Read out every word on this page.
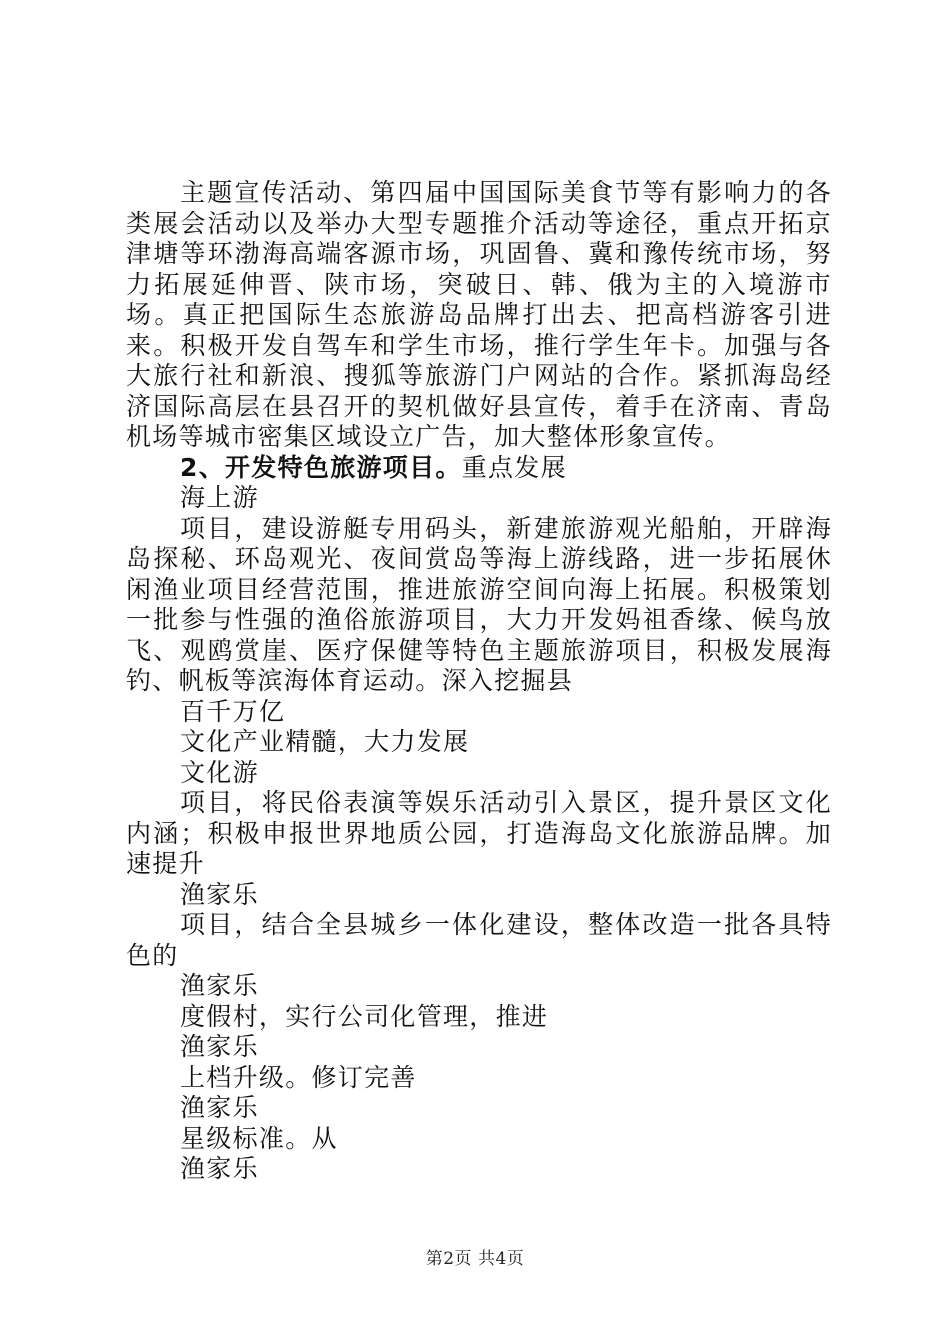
主题宣传活动、第四届中国国际美食节等有影响力的各类展会活动以及举办大型专题推介活动等途径，重点开拓京津塘等环渤海高端客源市场，巩固鲁、冀和豫传统市场，努力拓展延伸晋、陕市场，突破日、韩、俄为主的入境游市场。真正把国际生态旅游岛品牌打出去、把高档游客引进来。积极开发自驾车和学生市场，推行学生年卡。加强与各大旅行社和新浪、搜狐等旅游门户网站的合作。紧抓海岛经济国际高层在县召开的契机做好县宣传，着手在济南、青岛机场等城市密集区域设立广告，加大整体形象宣传。

2、开发特色旅游项目。重点发展

海上游

项目，建设游艇专用码头，新建旅游观光船舶，开辟海岛探秘、环岛观光、夜间赏岛等海上游线路，进一步拓展休闲渔业项目经营范围，推进旅游空间向海上拓展。积极策划一批参与性强的渔俗旅游项目，大力开发妈祖香缘、候鸟放飞、观鸥赏崖、医疗保健等特色主题旅游项目，积极发展海钓、帆板等滨海体育运动。深入挖掘县

百千万亿

文化产业精髓，大力发展

文化游

项目，将民俗表演等娱乐活动引入景区，提升景区文化内涵；积极申报世界地质公园，打造海岛文化旅游品牌。加速提升

渔家乐

项目，结合全县城乡一体化建设，整体改造一批各具特色的

渔家乐

度假村，实行公司化管理，推进

渔家乐

上档升级。修订完善

渔家乐

星级标准。从

渔家乐

第2页 共4页
